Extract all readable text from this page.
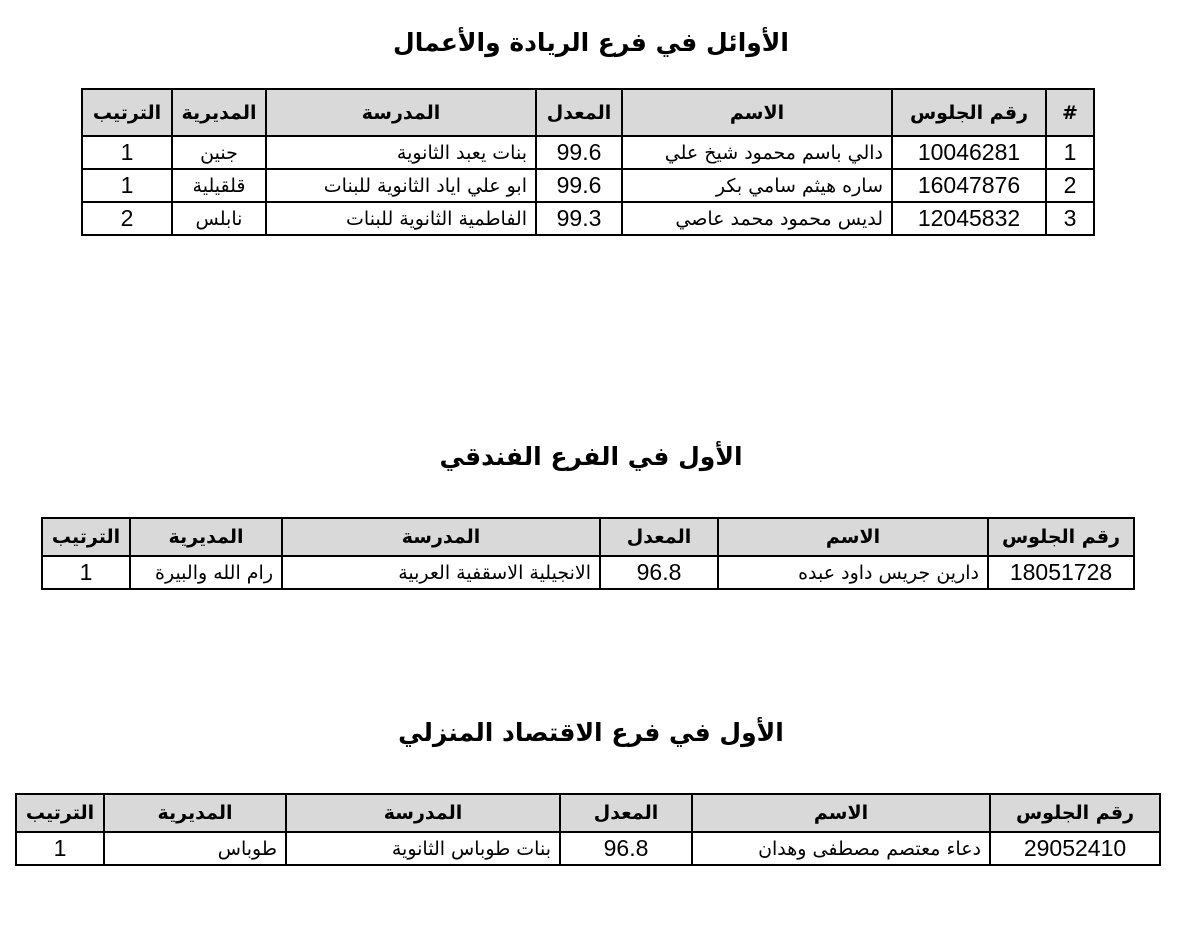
الأوائل في فرع الريادة والأعمال
#	رقم الجلوس	الاسم	المعدل	المدرسة	المديرية	الترتيب
1	10046281	دالي باسم محمود شيخ علي	99.6	بنات يعبد الثانوية	جنين	1
2	16047876	ساره هيثم سامي بكر	99.6	ابو علي اياد الثانوية للبنات	قلقيلية	1
3	12045832	لديس محمود محمد عاصي	99.3	الفاطمية الثانوية للبنات	نابلس	2
الأول في الفرع الفندقي
رقم الجلوس	الاسم	المعدل	المدرسة	المديرية	الترتيب
18051728	دارين جريس داود عبده	96.8	الانجيلية الاسقفية العربية	رام الله والبيرة	1
الأول في فرع الاقتصاد المنزلي
رقم الجلوس	الاسم	المعدل	المدرسة	المديرية	الترتيب
29052410	دعاء معتصم مصطفى وهدان	96.8	بنات طوباس الثانوية	طوباس	1
